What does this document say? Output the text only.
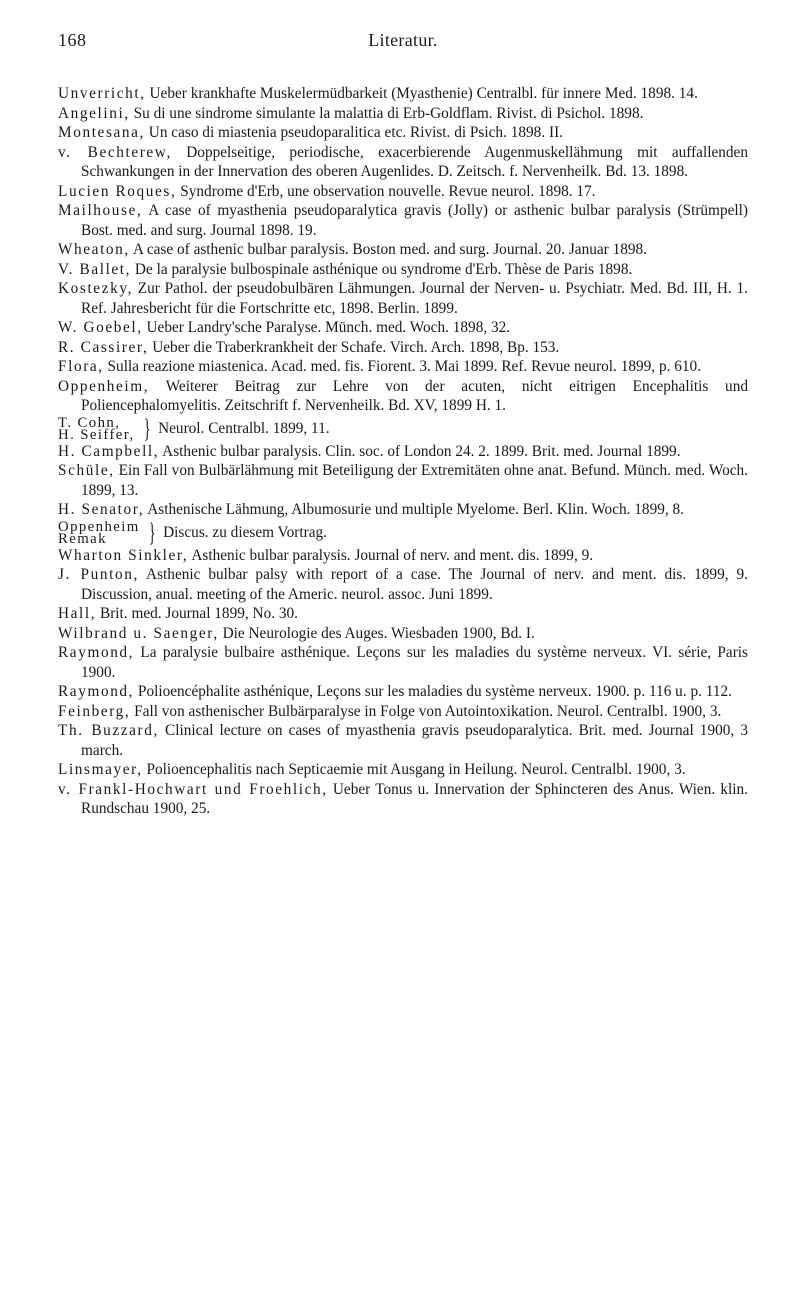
168	Literatur.
Unverricht, Ueber krankhafte Muskelermüdbarkeit (Myasthenie) Centralbl. für innere Med. 1898. 14.
Angelini, Su di une sindrome simulante la malattia di Erb-Goldflam. Rivist. di Psichol. 1898.
Montesana, Un caso di miastenia pseudoparalitica etc. Rivist. di Psich. 1898. II.
v. Bechterew, Doppelseitige, periodische, exacerbierende Augenmuskellähmung mit auffallenden Schwankungen in der Innervation des oberen Augenlides. D. Zeitsch. f. Nervenheilk. Bd. 13. 1898.
Lucien Roques, Syndrome d'Erb, une observation nouvelle. Revue neurol. 1898. 17.
Mailhouse, A case of myasthenia pseudoparalytica gravis (Jolly) or asthenic bulbar paralysis (Strümpell) Bost. med. and surg. Journal 1898. 19.
Wheaton, A case of asthenic bulbar paralysis. Boston med. and surg. Journal. 20. Januar 1898.
V. Ballet, De la paralysie bulbospinale asthénique ou syndrome d'Erb. Thèse de Paris 1898.
Kostezky, Zur Pathol. der pseudobulbären Lähmungen. Journal der Nerven- u. Psychiatr. Med. Bd. III, H. 1. Ref. Jahresbericht für die Fortschritte etc, 1898. Berlin. 1899.
W. Goebel, Ueber Landry'sche Paralyse. Münch. med. Woch. 1898, 32.
R. Cassirer, Ueber die Traberkrankheit der Schafe. Virch. Arch. 1898, Bp. 153.
Flora, Sulla reazione miastenica. Acad. med. fis. Fiorent. 3. Mai 1899. Ref. Revue neurol. 1899, p. 610.
Oppenheim, Weiterer Beitrag zur Lehre von der acuten, nicht eitrigen Encephalitis und Poliencephalomyelitis. Zeitschrift f. Nervenheilk. Bd. XV, 1899 H. 1.
T. Cohn,
H. Seiffer, } Neurol. Centralbl. 1899, 11.
H. Campbell, Asthenic bulbar paralysis. Clin. soc. of London 24. 2. 1899. Brit. med. Journal 1899.
Schüle, Ein Fall von Bulbärlähmung mit Beteiligung der Extremitäten ohne anat. Befund. Münch. med. Woch. 1899, 13.
H. Senator, Asthenische Lähmung, Albumosurie und multiple Myelome. Berl. Klin. Woch. 1899, 8.
Oppenheim
Remak	} Discus. zu diesem Vortrag.
Wharton Sinkler, Asthenic bulbar paralysis. Journal of nerv. and ment. dis. 1899, 9.
J. Punton, Asthenic bulbar palsy with report of a case. The Journal of nerv. and ment. dis. 1899, 9. Discussion, anual. meeting of the Americ. neurol. assoc. Juni 1899.
Hall, Brit. med. Journal 1899, No. 30.
Wilbrand u. Saenger, Die Neurologie des Auges. Wiesbaden 1900, Bd. I.
Raymond, La paralysie bulbaire asthénique. Leçons sur les maladies du système nerveux. VI. série, Paris 1900.
Raymond, Polioencéphalite asthénique, Leçons sur les maladies du système nerveux. 1900. p. 116 u. p. 112.
Feinberg, Fall von asthenischer Bulbärparalyse in Folge von Autointoxikation. Neurol. Centralbl. 1900, 3.
Th. Buzzard, Clinical lecture on cases of myasthenia gravis pseudoparalytica. Brit. med. Journal 1900, 3 march.
Linsmayer, Polioencephalitis nach Septicaemie mit Ausgang in Heilung. Neurol. Centralbl. 1900, 3.
v. Frankl-Hochwart und Froehlich, Ueber Tonus u. Innervation der Sphincteren des Anus. Wien. klin. Rundschau 1900, 25.
